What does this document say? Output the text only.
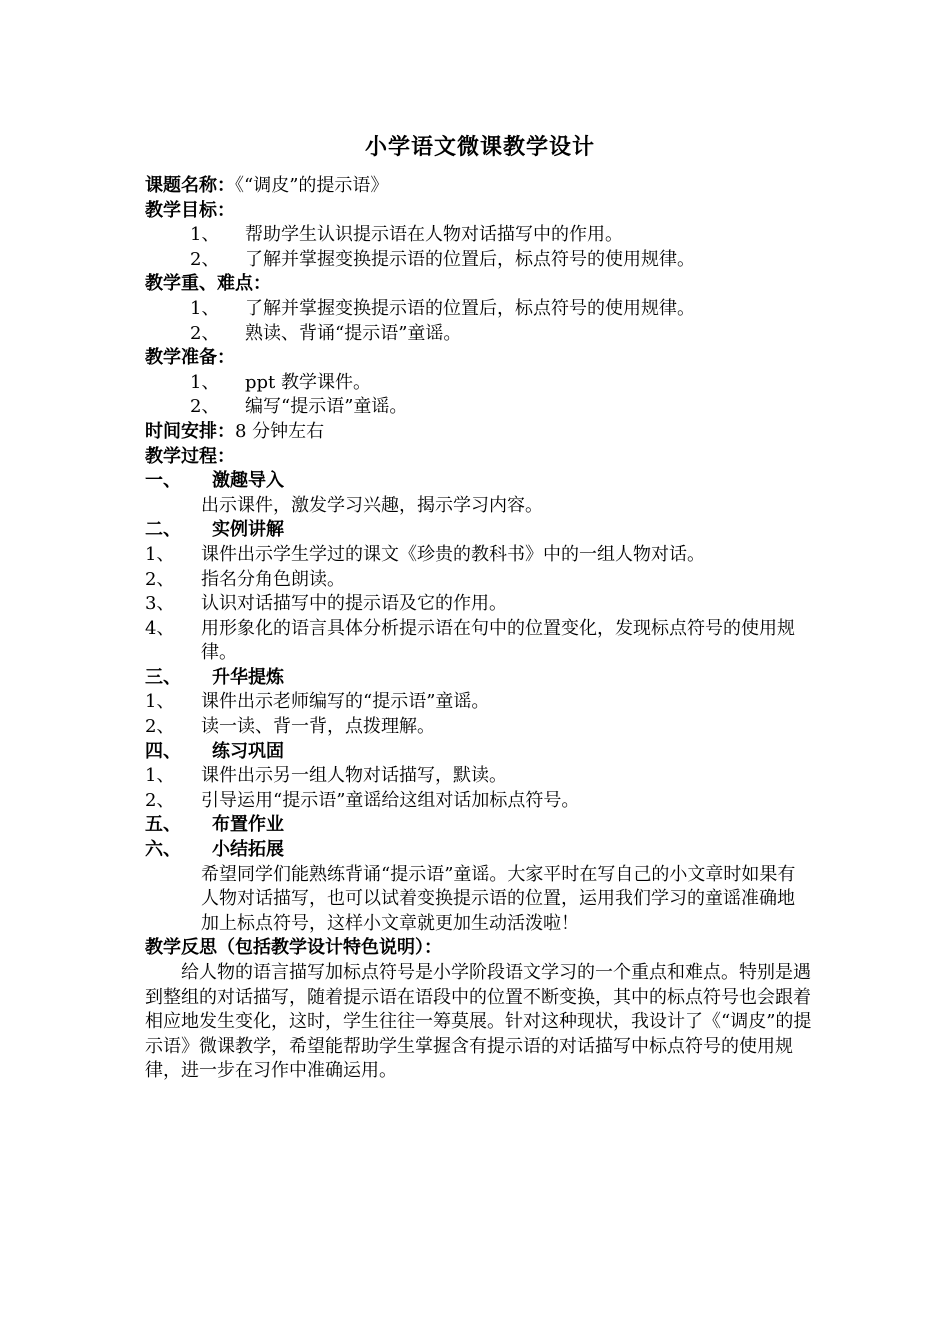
小学语文微课教学设计
课题名称：《“调皮”的提示语》
教学目标：
1、	帮助学生认识提示语在人物对话描写中的作用。
2、	了解并掌握变换提示语的位置后，标点符号的使用规律。
教学重、难点：
1、	了解并掌握变换提示语的位置后，标点符号的使用规律。
2、	熟读、背诵“提示语”童谣。
教学准备：
1、	ppt 教学课件。
2、	编写“提示语”童谣。
时间安排：8 分钟左右
教学过程：
一、	激趣导入
出示课件，激发学习兴趣，揭示学习内容。
二、	实例讲解
1、	课件出示学生学过的课文《珍贵的教科书》中的一组人物对话。
2、	指名分角色朗读。
3、	认识对话描写中的提示语及它的作用。
4、	用形象化的语言具体分析提示语在句中的位置变化，发现标点符号的使用规律。
三、	升华提炼
1、	课件出示老师编写的“提示语”童谣。
2、	读一读、背一背，点拨理解。
四、	练习巩固
1、	课件出示另一组人物对话描写，默读。
2、	引导运用“提示语”童谣给这组对话加标点符号。
五、	布置作业
六、	小结拓展
希望同学们能熟练背诵“提示语”童谣。大家平时在写自己的小文章时如果有人物对话描写，也可以试着变换提示语的位置，运用我们学习的童谣准确地加上标点符号，这样小文章就更加生动活泼啦！
教学反思（包括教学设计特色说明）：
给人物的语言描写加标点符号是小学阶段语文学习的一个重点和难点。特别是遇到整组的对话描写，随着提示语在语段中的位置不断变换，其中的标点符号也会跟着相应地发生变化，这时，学生往往一筹莫展。针对这种现状，我设计了《“调皮”的提示语》微课教学，希望能帮助学生掌握含有提示语的对话描写中标点符号的使用规律，进一步在习作中准确运用。
